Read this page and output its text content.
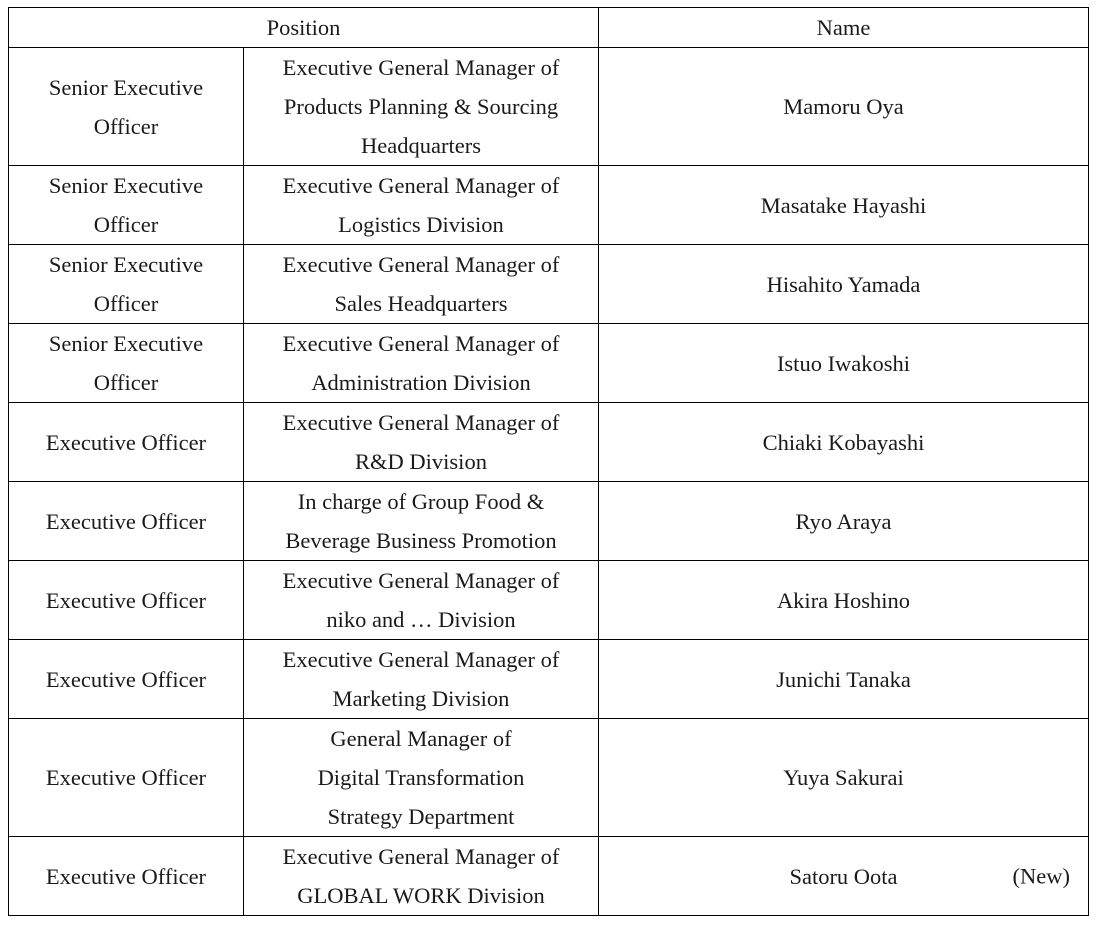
Position		Name

Senior Executive
Officer	Executive General Manager of
Products Planning & Sourcing
Headquarters	Mamoru Oya

Senior Executive
Officer	Executive General Manager of
Logistics Division	Masatake Hayashi

Senior Executive
Officer	Executive General Manager of
Sales Headquarters	Hisahito Yamada

Senior Executive
Officer	Executive General Manager of
Administration Division	Istuo Iwakoshi

Executive Officer	Executive General Manager of
R&D Division	Chiaki Kobayashi

Executive Officer	In charge of Group Food &
Beverage Business Promotion	Ryo Araya

Executive Officer	Executive General Manager of
niko and … Division	Akira Hoshino

Executive Officer	Executive General Manager of
Marketing Division	Junichi Tanaka

Executive Officer	General Manager of
Digital Transformation
Strategy Department	Yuya Sakurai

Executive Officer	Executive General Manager of
GLOBAL WORK Division	Satoru Oota (New)
